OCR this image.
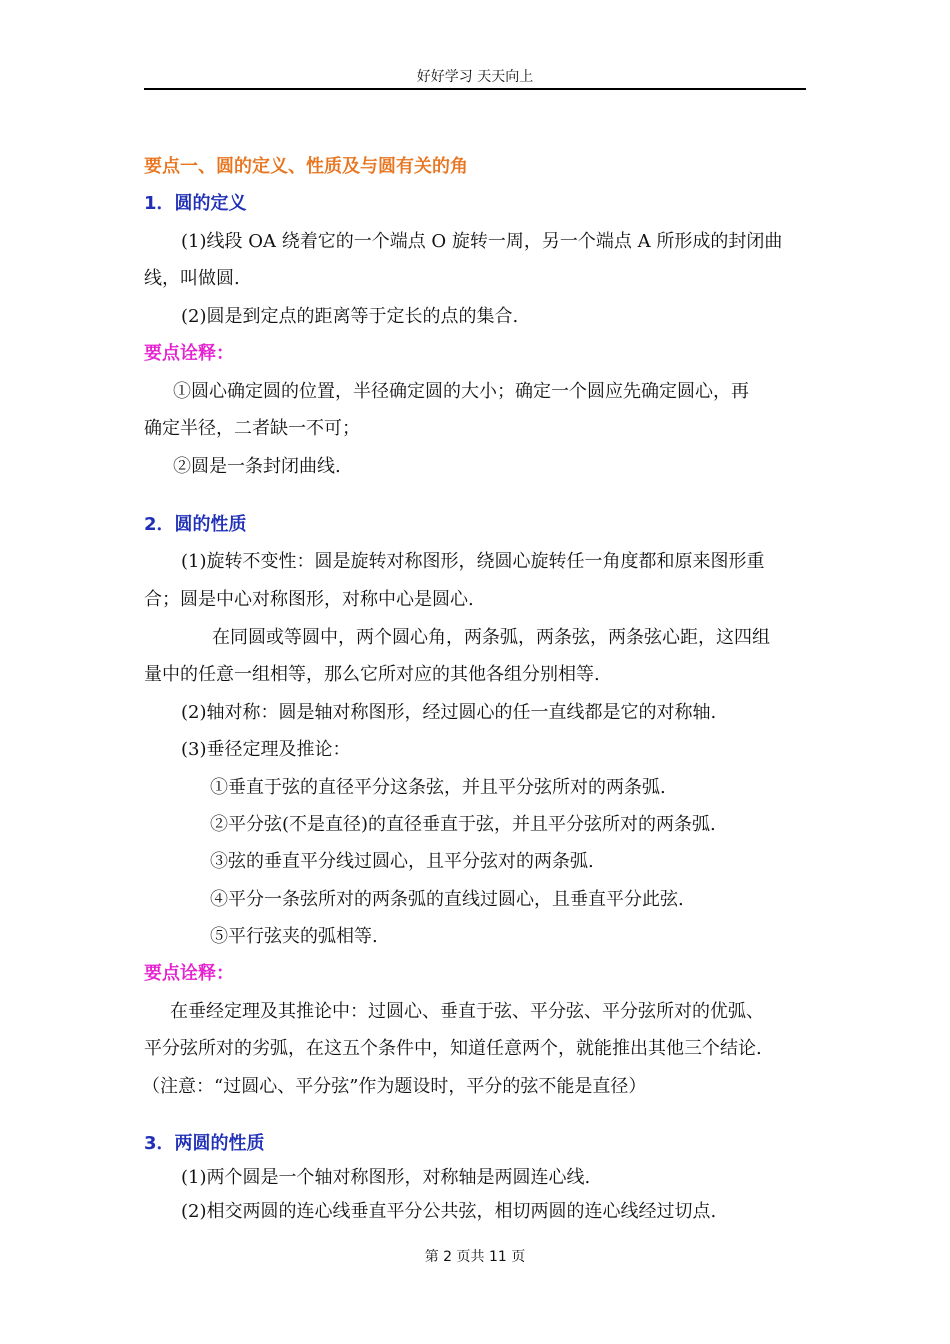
好好学习 天天向上
要点一、圆的定义、性质及与圆有关的角
1．圆的定义
(1)线段 OA 绕着它的一个端点 O 旋转一周，另一个端点 A 所形成的封闭曲
线，叫做圆.
(2)圆是到定点的距离等于定长的点的集合.
要点诠释：
①圆心确定圆的位置，半径确定圆的大小；确定一个圆应先确定圆心，再
确定半径，二者缺一不可；
②圆是一条封闭曲线.
2．圆的性质
(1)旋转不变性：圆是旋转对称图形，绕圆心旋转任一角度都和原来图形重
合；圆是中心对称图形，对称中心是圆心.
在同圆或等圆中，两个圆心角，两条弧，两条弦，两条弦心距，这四组
量中的任意一组相等，那么它所对应的其他各组分别相等.
(2)轴对称：圆是轴对称图形，经过圆心的任一直线都是它的对称轴.
(3)垂径定理及推论：
①垂直于弦的直径平分这条弦，并且平分弦所对的两条弧.
②平分弦(不是直径)的直径垂直于弦，并且平分弦所对的两条弧.
③弦的垂直平分线过圆心，且平分弦对的两条弧.
④平分一条弦所对的两条弧的直线过圆心，且垂直平分此弦.
⑤平行弦夹的弧相等.
要点诠释：
在垂经定理及其推论中：过圆心、垂直于弦、平分弦、平分弦所对的优弧、
平分弦所对的劣弧，在这五个条件中，知道任意两个，就能推出其他三个结论.
（注意：“过圆心、平分弦”作为题设时，平分的弦不能是直径）
3．两圆的性质
(1)两个圆是一个轴对称图形，对称轴是两圆连心线.
(2)相交两圆的连心线垂直平分公共弦，相切两圆的连心线经过切点.
第 2 页共 11 页
